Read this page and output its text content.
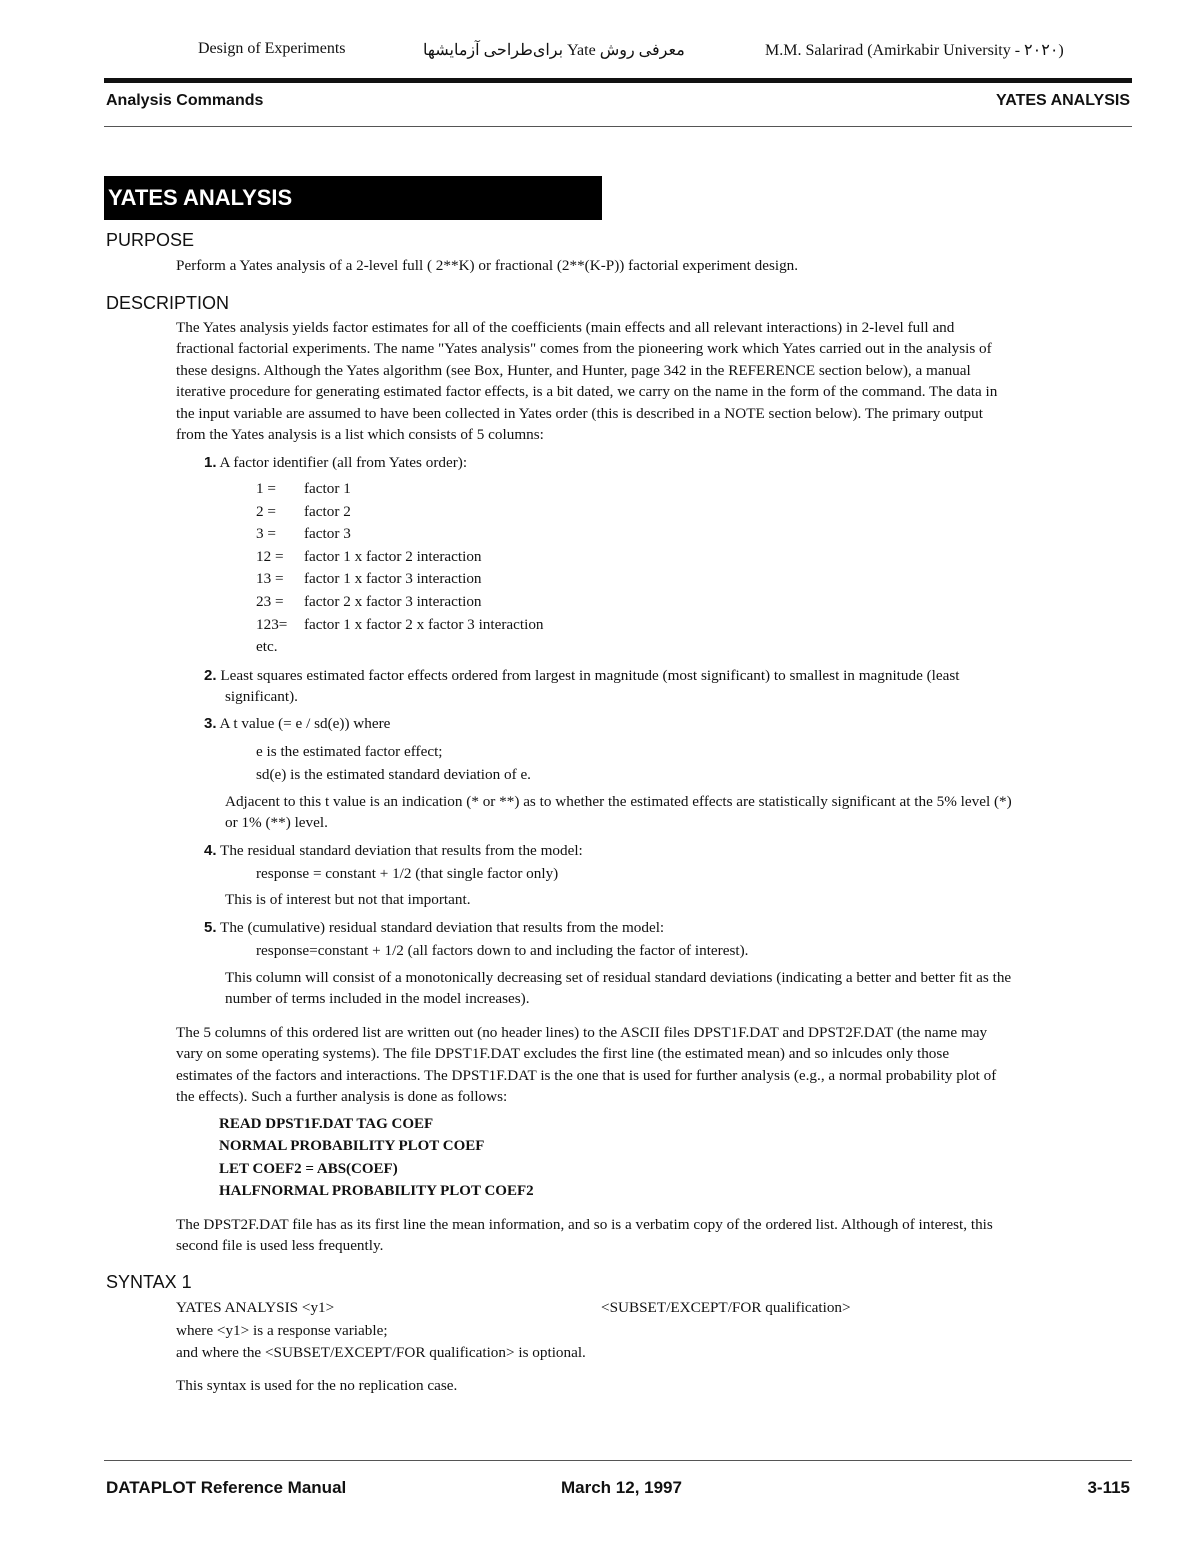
Design of Experiments	معرفی روش Yate برای‌طراحی آزمایشها	M.M. Salarirad (Amirkabir University - ۲۰۲۰)
Analysis Commands	YATES ANALYSIS
YATES ANALYSIS
PURPOSE
Perform a Yates analysis of a 2-level full ( 2**K) or fractional (2**(K-P)) factorial experiment design.
DESCRIPTION
The Yates analysis yields factor estimates for all of the coefficients (main effects and all relevant interactions) in 2-level full and
fractional factorial experiments. The name "Yates analysis" comes from the pioneering work which Yates carried out in the analysis of
these designs. Although the Yates algorithm (see Box, Hunter, and Hunter, page 342 in the REFERENCE section below), a manual
iterative procedure for generating estimated factor effects, is a bit dated, we carry on the name in the form of the command. The data in
the input variable are assumed to have been collected in Yates order (this is described in a NOTE section below). The primary output
from the Yates analysis is a list which consists of 5 columns:
1. A factor identifier (all from Yates order):
1 = factor 1
2 = factor 2
3 = factor 3
12 = factor 1 x factor 2 interaction
13 = factor 1 x factor 3 interaction
23 = factor 2 x factor 3 interaction
123= factor 1 x factor 2 x factor 3 interaction
etc.
2. Least squares estimated factor effects ordered from largest in magnitude (most significant) to smallest in magnitude (least
significant).
3. A t value (= e / sd(e)) where
e is the estimated factor effect;
sd(e) is the estimated standard deviation of e.
Adjacent to this t value is an indication (* or **) as to whether the estimated effects are statistically significant at the 5% level (*)
or 1% (**) level.
4. The residual standard deviation that results from the model:
response = constant + 1/2 (that single factor only)
This is of interest but not that important.
5. The (cumulative) residual standard deviation that results from the model:
response=constant + 1/2 (all factors down to and including the factor of interest).
This column will consist of a monotonically decreasing set of residual standard deviations (indicating a better and better fit as the
number of terms included in the model increases).
The 5 columns of this ordered list are written out (no header lines) to the ASCII files DPST1F.DAT and DPST2F.DAT (the name may
vary on some operating systems). The file DPST1F.DAT excludes the first line (the estimated mean) and so inlcudes only those
estimates of the factors and interactions. The DPST1F.DAT is the one that is used for further analysis (e.g., a normal probability plot of
the effects). Such a further analysis is done as follows:
READ DPST1F.DAT TAG COEF
NORMAL PROBABILITY PLOT COEF
LET COEF2 = ABS(COEF)
HALFNORMAL PROBABILITY PLOT COEF2
The DPST2F.DAT file has as its first line the mean information, and so is a verbatim copy of the ordered list. Although of interest, this
second file is used less frequently.
SYNTAX 1
YATES ANALYSIS <y1>	<SUBSET/EXCEPT/FOR qualification>
where <y1> is a response variable;
and where the <SUBSET/EXCEPT/FOR qualification> is optional.
This syntax is used for the no replication case.
DATAPLOT Reference Manual	March 12, 1997	3-115
